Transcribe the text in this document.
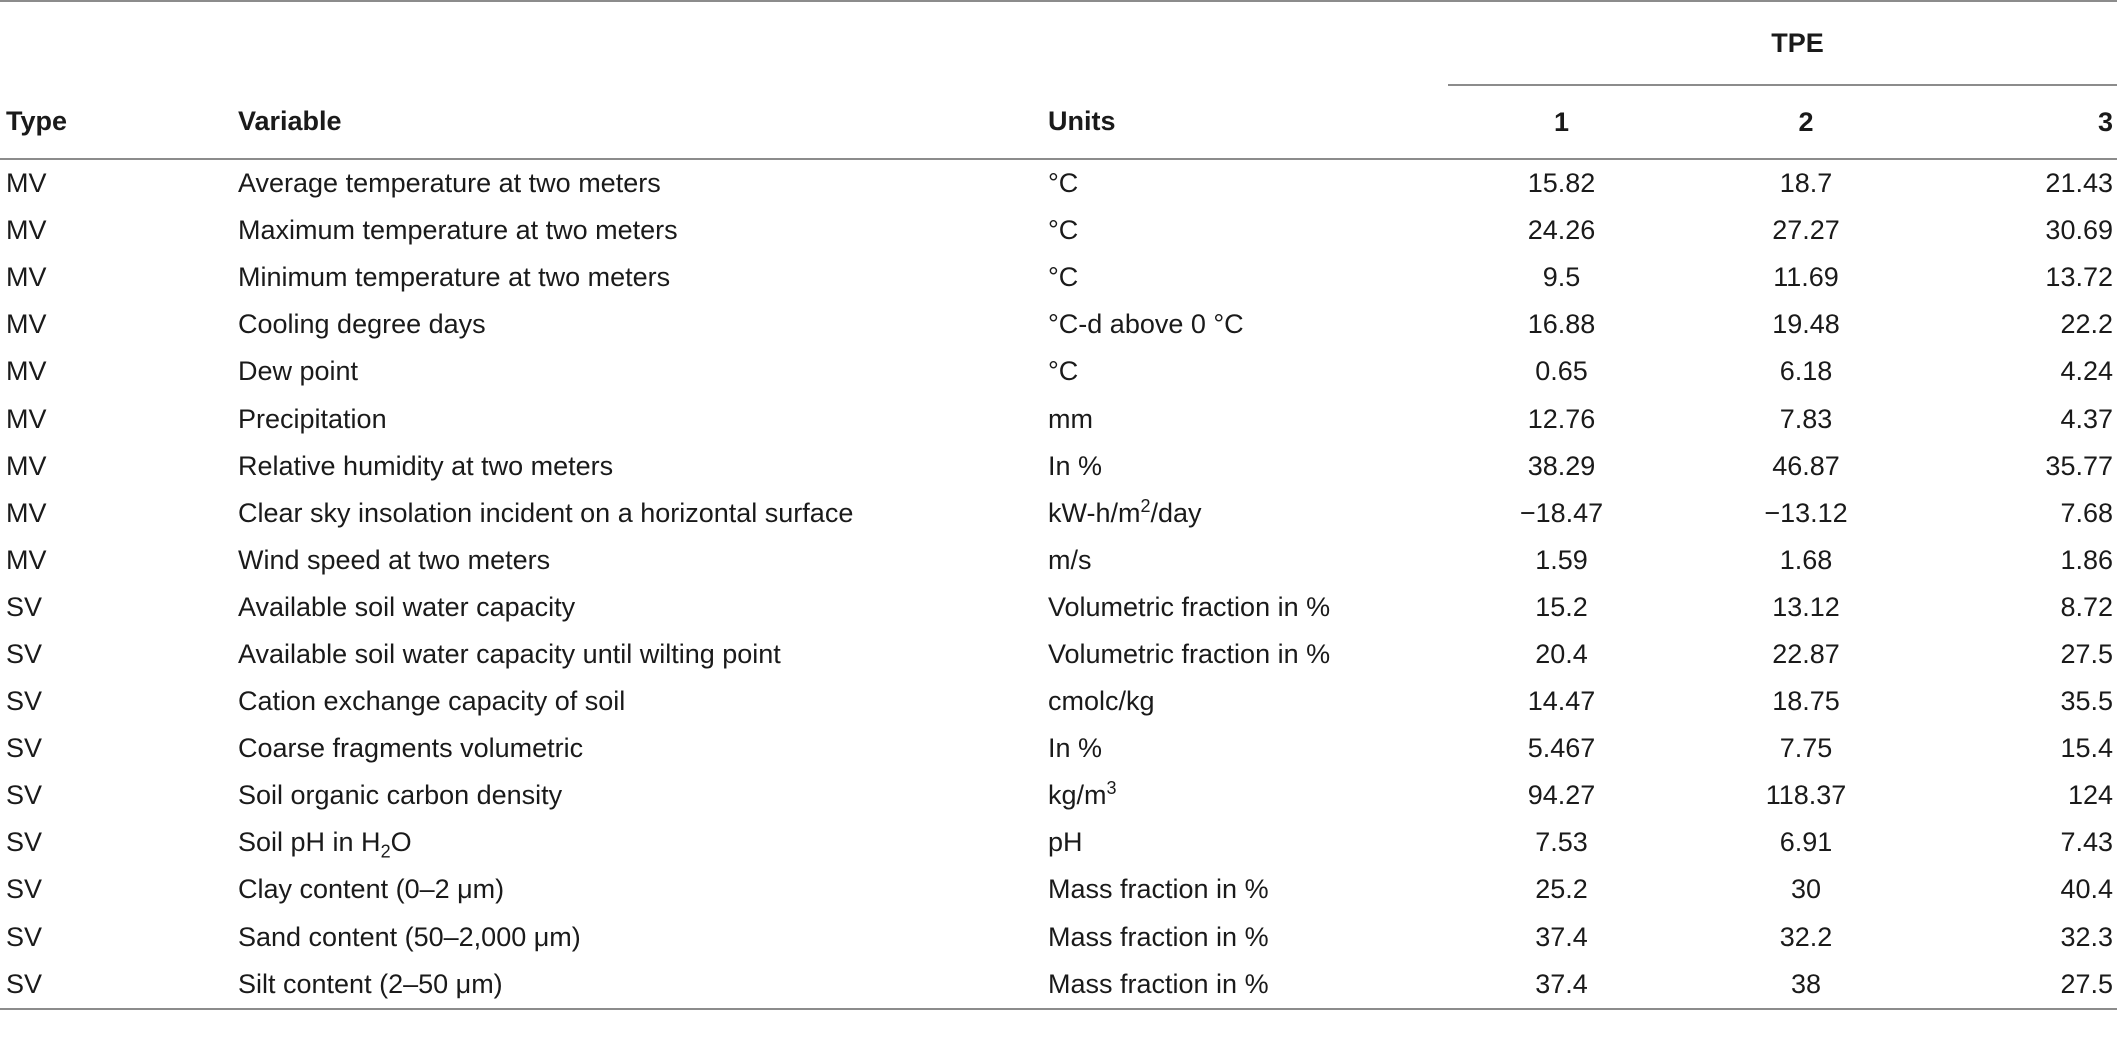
			TPE		
Type	Variable	Units	1	2	3

MV	Average temperature at two meters	°C	15.82	18.7	21.43
MV	Maximum temperature at two meters	°C	24.26	27.27	30.69
MV	Minimum temperature at two meters	°C	9.5	11.69	13.72
MV	Cooling degree days	°C-d above 0 °C	16.88	19.48	22.2
MV	Dew point	°C	0.65	6.18	4.24
MV	Precipitation	mm	12.76	7.83	4.37
MV	Relative humidity at two meters	In %	38.29	46.87	35.77
MV	Clear sky insolation incident on a horizontal surface	$kW-h/m^2$/day	−18.47	−13.12	7.68
MV	Wind speed at two meters	m/s	1.59	1.68	1.86
SV	Available soil water capacity	Volumetric fraction in %	15.2	13.12	8.72
SV	Available soil water capacity until wilting point	Volumetric fraction in %	20.4	22.87	27.5
SV	Cation exchange capacity of soil	cmolc/kg	14.47	18.75	35.5
SV	Coarse fragments volumetric	In %	5.467	7.75	15.4
SV	Soil organic carbon density	$kg/m^3$	94.27	118.37	124
SV	Soil pH in $H_2O$	pH	7.53	6.91	7.43
SV	Clay content (0–2 μm)	Mass fraction in %	25.2	30	40.4
SV	Sand content (50–2,000 μm)	Mass fraction in %	37.4	32.2	32.3
SV	Silt content (2–50 μm)	Mass fraction in %	37.4	38	27.5
